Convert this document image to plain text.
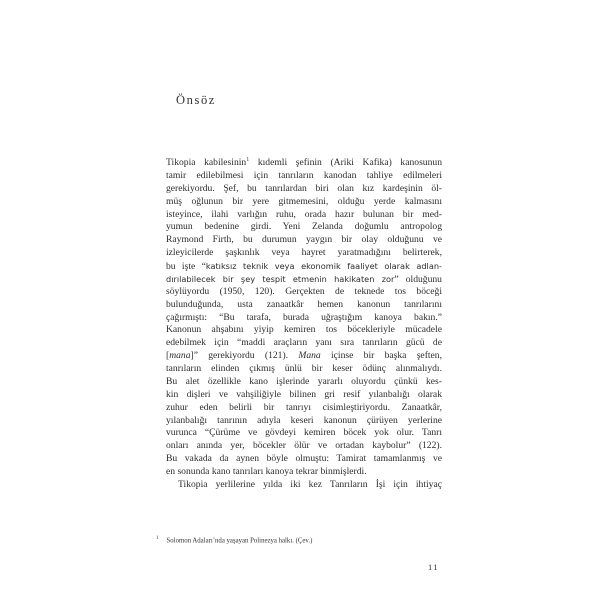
Önsöz
Tikopia kabilesinin$^1$ kıdemli şefinin (Ariki Kafika) kanosunun
tamir edilebilmesi için tanrıların kanodan tahliye edilmeleri
gerekiyordu. Şef, bu tanrılardan biri olan kız kardeşinin öl-
müş oğlunun bir yere gitmemesini, olduğu yerde kalmasını
isteyince, ilahi varlığın ruhu, orada hazır bulunan bir med-
yumun bedenine girdi. Yeni Zelanda doğumlu antropolog
Raymond Firth, bu durumun yaygın bir olay olduğunu ve
izleyicilerde şaşkınlık veya hayret yaratmadığını belirterek,
bu işte “katıksız teknik veya ekonomik faaliyet olarak adlan-
dırılabilecek bir şey tespit etmenin hakikaten zor” olduğunu
söylüyordu (1950, 120). Gerçekten de teknede tos böceği
bulunduğunda, usta zanaatkâr hemen kanonun tanrılarını
çağırmıştı: “Bu tarafa, burada uğraştığım kanoya bakın.”
Kanonun ahşabını yiyip kemiren tos böcekleriyle mücadele
edebilmek için “maddi araçların yanı sıra tanrıların gücü de
[mana]” gerekiyordu (121). Mana içinse bir başka şeften,
tanrıların elinden çıkmış ünlü bir keser ödünç alınmalıydı.
Bu alet özellikle kano işlerinde yararlı oluyordu çünkü kes-
kin dişleri ve vahşiliğiyle bilinen gri resif yılanbalığı olarak
zuhur eden belirli bir tanrıyı cisimleştiriyordu. Zanaatkâr,
yılanbalığı tanrının adıyla keseri kanonun çürüyen yerlerine
vurunca “Çürüme ve gövdeyi kemiren böcek yok olur. Tanrı
onları anında yer, böcekler ölür ve ortadan kaybolur” (122).
Bu vakada da aynen böyle olmuştu: Tamirat tamamlanmış ve
en sonunda kano tanrıları kanoya tekrar binmişlerdi.
Tikopia yerlilerine yılda iki kez Tanrıların İşi için ihtiyaç
$^1$ Solomon Adaları’nda yaşayan Polinezya halkı. (Çev.)
11
